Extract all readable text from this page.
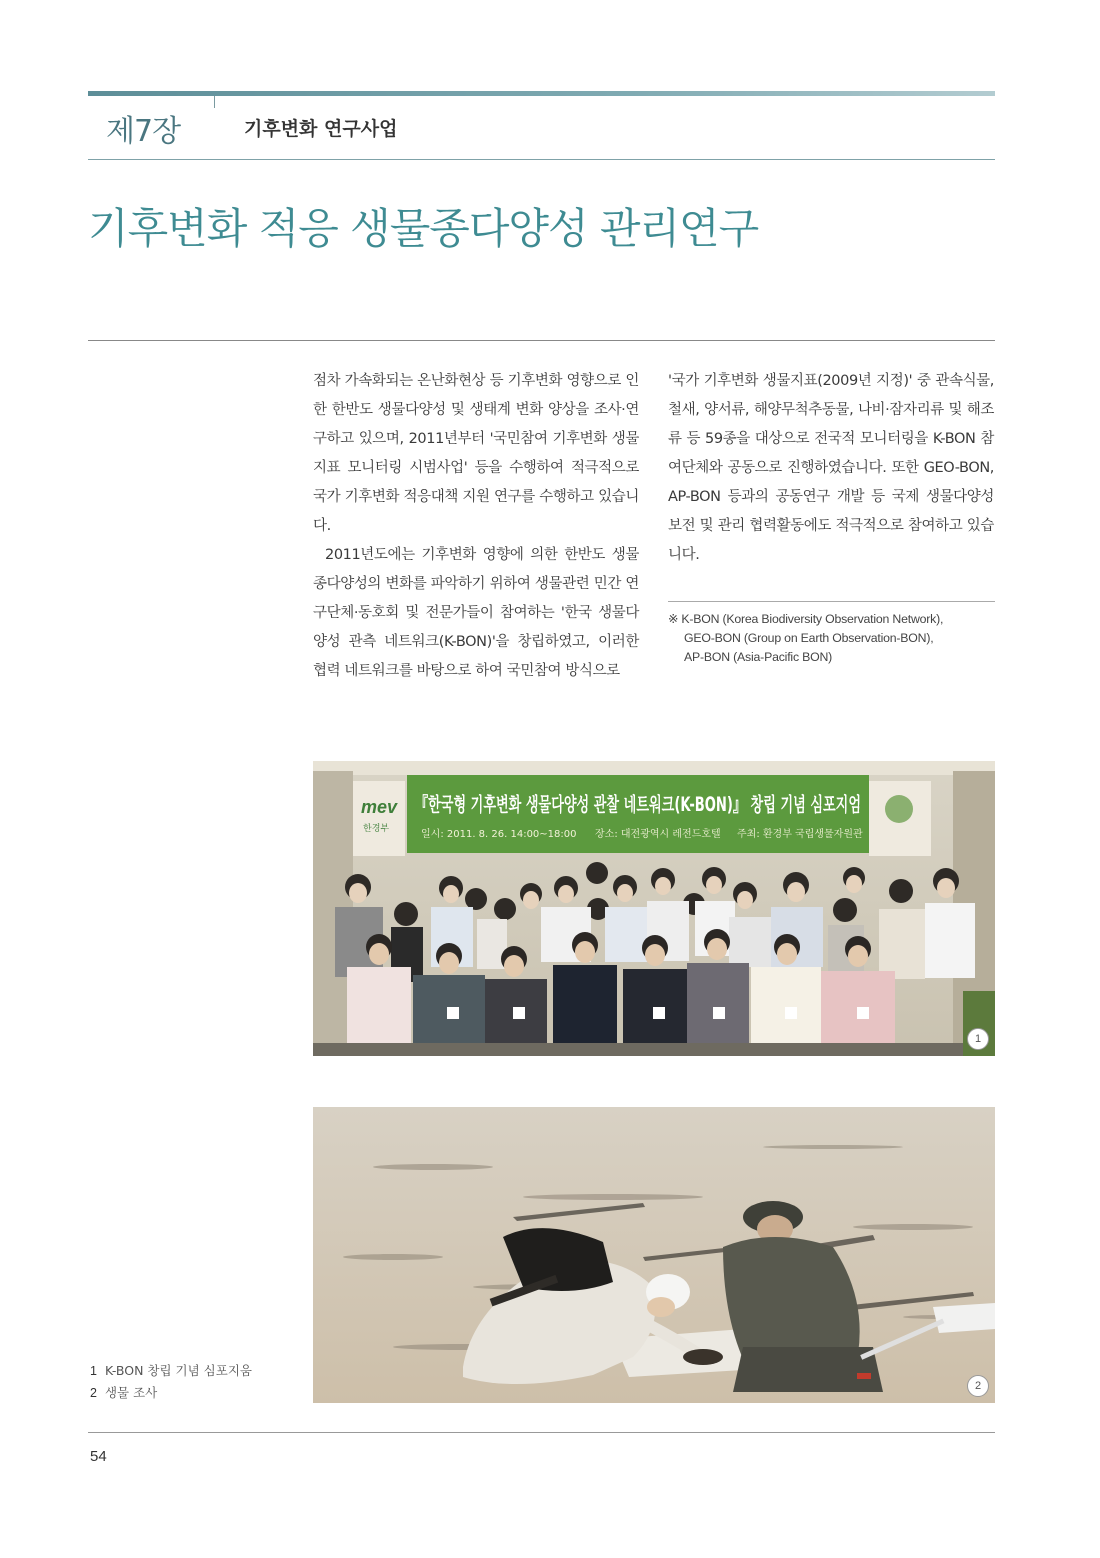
제7장	기후변화 연구사업
기후변화 적응 생물종다양성 관리연구

점차 가속화되는 온난화현상 등 기후변화 영향으로 인한 한반도 생물다양성 및 생태계 변화 양상을 조사·연구하고 있으며, 2011년부터 '국민참여 기후변화 생물지표 모니터링 시범사업' 등을 수행하여 적극적으로 국가 기후변화 적응대책 지원 연구를 수행하고 있습니다.

2011년도에는 기후변화 영향에 의한 한반도 생물종다양성의 변화를 파악하기 위하여 생물관련 민간 연구단체·동호회 및 전문가들이 참여하는 '한국 생물다양성 관측 네트워크(K-BON)'을 창립하였고, 이러한 협력 네트워크를 바탕으로 하여 국민참여 방식으로

'국가 기후변화 생물지표(2009년 지정)' 중 관속식물, 철새, 양서류, 해양무척추동물, 나비·잠자리류 및 해조류 등 59종을 대상으로 전국적 모니터링을 K-BON 참여단체와 공동으로 진행하였습니다. 또한 GEO-BON, AP-BON 등과의 공동연구 개발 등 국제 생물다양성 보전 및 관리 협력활동에도 적극적으로 참여하고 있습니다.

※ K-BON (Korea Biodiversity Observation Network),
GEO-BON (Group on Earth Observation-BON),
AP-BON (Asia-Pacific BON)
mev
한경부
『한국형 기후변화 생물다양성 관찰 네트워크(K-BON)』 창립 기념 심포지엄
일시: 2011. 8. 26. 14:00~18:00 장소: 대전광역시 레전드호텔 주최: 환경부 국립생물자원관
1
2
1 K-BON 창립 기념 심포지움
2 생물 조사
54
